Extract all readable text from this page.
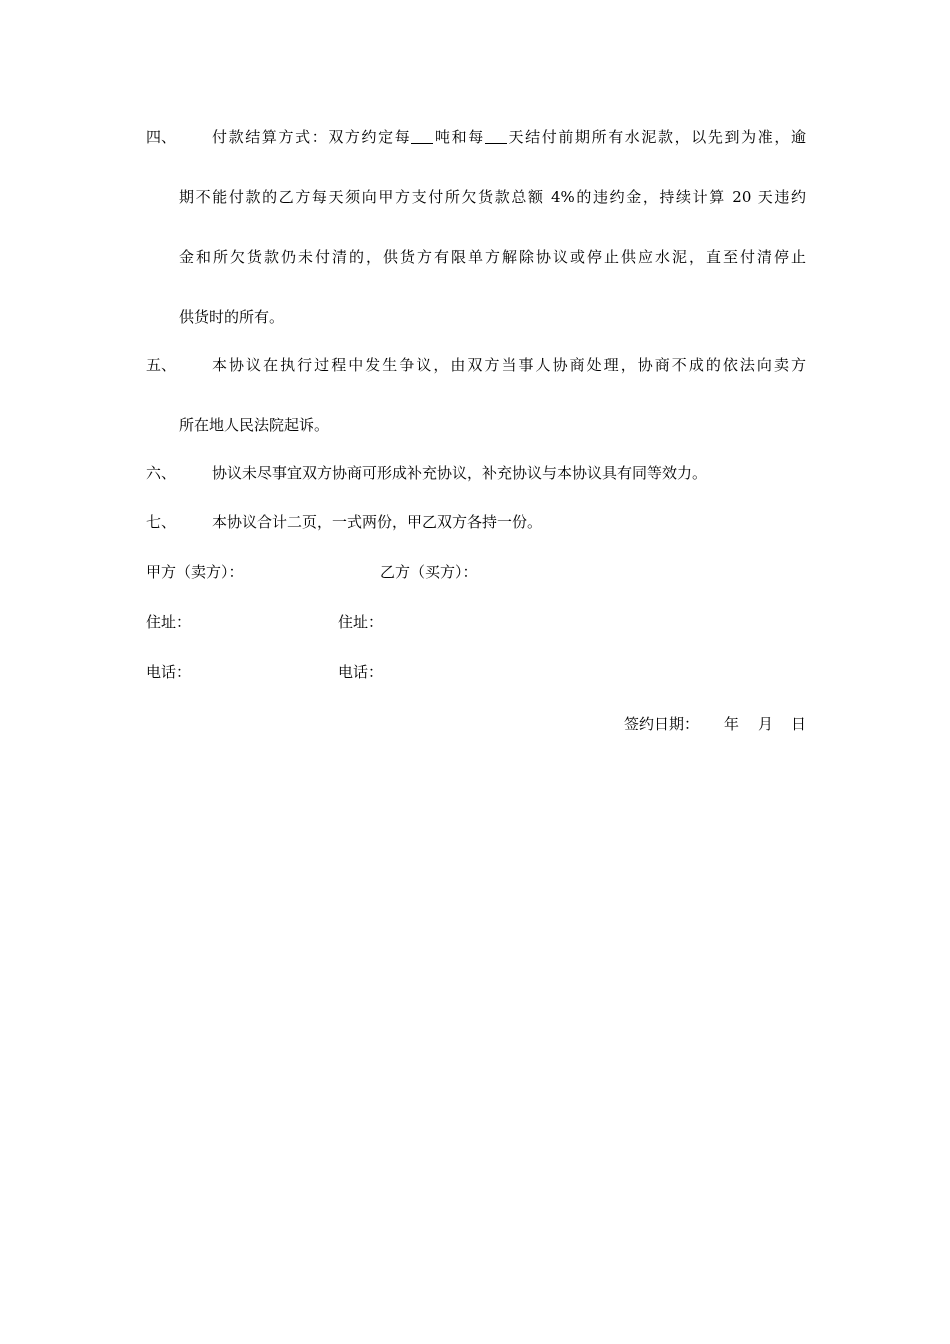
四、 付款结算方式：双方约定每 吨和每 天结付前期所有水泥款，以先到为准，逾
期不能付款的乙方每天须向甲方支付所欠货款总额 4%的违约金，持续计算 20 天违约
金和所欠货款仍未付清的，供货方有限单方解除协议或停止供应水泥，直至付清停止
供货时的所有。
五、 本协议在执行过程中发生争议，由双方当事人协商处理，协商不成的依法向卖方
所在地人民法院起诉。
六、 协议未尽事宜双方协商可形成补充协议，补充协议与本协议具有同等效力。
七、 本协议合计二页，一式两份，甲乙双方各持一份。
甲方（卖方）：	乙方（买方）：
住址：	住址：
电话：	电话：
签约日期： 年 月 日
